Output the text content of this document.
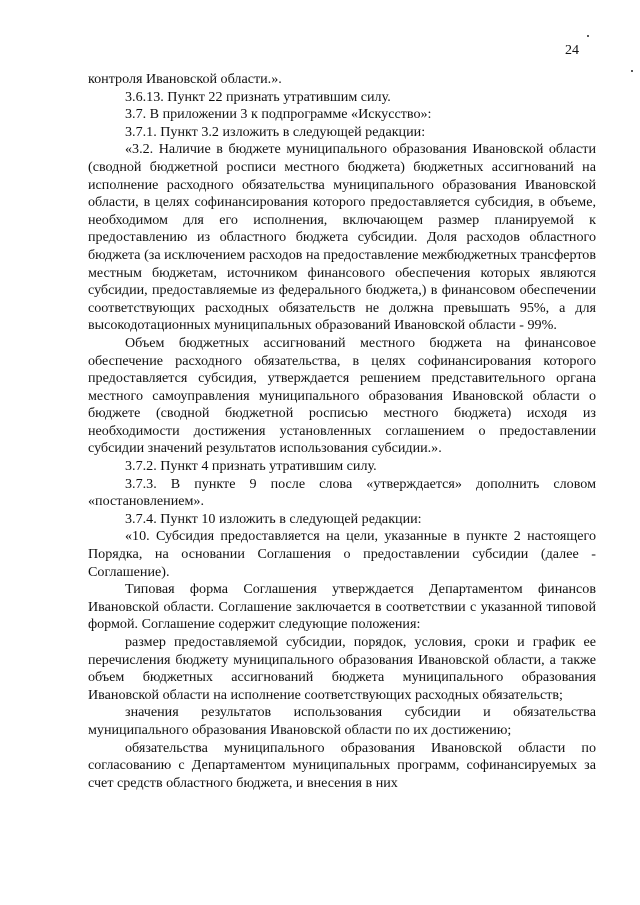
24

контроля Ивановской области.».

3.6.13. Пункт 22 признать утратившим силу.

3.7. В приложении 3 к подпрограмме «Искусство»:

3.7.1. Пункт 3.2 изложить в следующей редакции:

«3.2. Наличие в бюджете муниципального образования Ивановской области (сводной бюджетной росписи местного бюджета) бюджетных ассигнований на исполнение расходного обязательства муниципального образования Ивановской области, в целях софинансирования которого предоставляется субсидия, в объеме, необходимом для его исполнения, включающем размер планируемой к предоставлению из областного бюджета субсидии. Доля расходов областного бюджета (за исключением расходов на предоставление межбюджетных трансфертов местным бюджетам, источником финансового обеспечения которых являются субсидии, предоставляемые из федерального бюджета,) в финансовом обеспечении соответствующих расходных обязательств не должна превышать 95%, а для высокодотационных муниципальных образований Ивановской области - 99%.

Объем бюджетных ассигнований местного бюджета на финансовое обеспечение расходного обязательства, в целях софинансирования которого предоставляется субсидия, утверждается решением представительного органа местного самоуправления муниципального образования Ивановской области о бюджете (сводной бюджетной росписью местного бюджета) исходя из необходимости достижения установленных соглашением о предоставлении субсидии значений результатов использования субсидии.».

3.7.2. Пункт 4 признать утратившим силу.

3.7.3. В пункте 9 после слова «утверждается» дополнить словом «постановлением».

3.7.4. Пункт 10 изложить в следующей редакции:

«10. Субсидия предоставляется на цели, указанные в пункте 2 настоящего Порядка, на основании Соглашения о предоставлении субсидии (далее - Соглашение).

Типовая форма Соглашения утверждается Департаментом финансов Ивановской области. Соглашение заключается в соответствии с указанной типовой формой. Соглашение содержит следующие положения:

размер предоставляемой субсидии, порядок, условия, сроки и график ее перечисления бюджету муниципального образования Ивановской области, а также объем бюджетных ассигнований бюджета муниципального образования Ивановской области на исполнение соответствующих расходных обязательств;

значения результатов использования субсидии и обязательства муниципального образования Ивановской области по их достижению;

обязательства муниципального образования Ивановской области по согласованию с Департаментом муниципальных программ, софинансируемых за счет средств областного бюджета, и внесения в них
